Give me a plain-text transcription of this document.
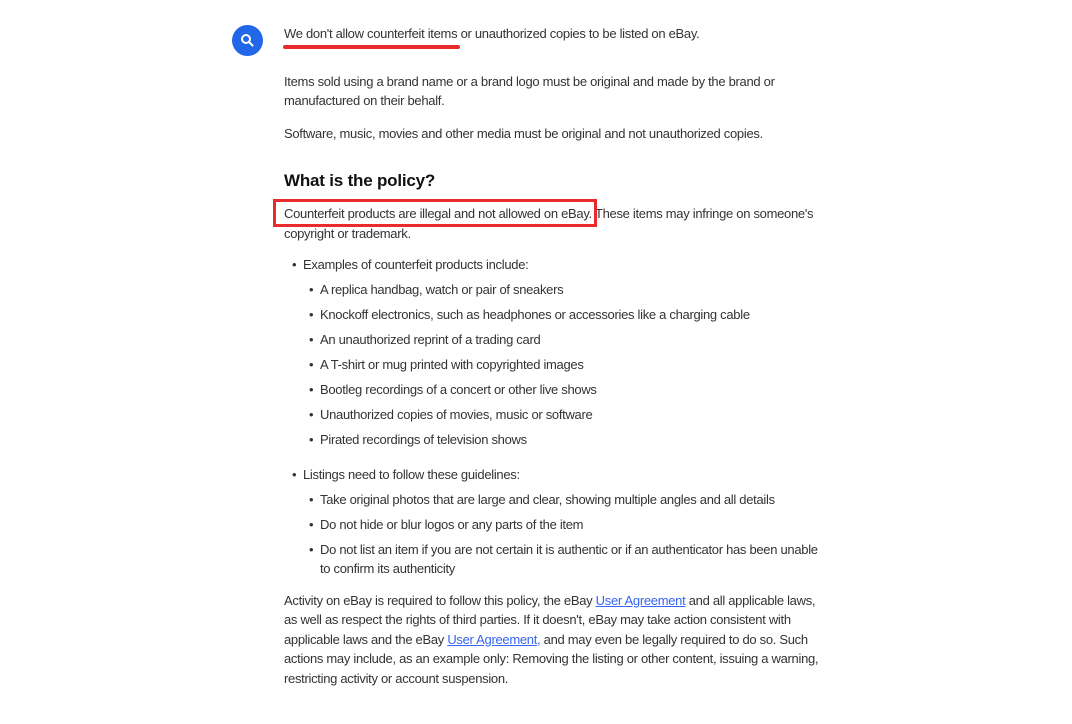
We don't allow counterfeit items or unauthorized copies to be listed on eBay.

Items sold using a brand name or a brand logo must be original and made by the brand or
manufactured on their behalf.

Software, music, movies and other media must be original and not unauthorized copies.

What is the policy?

Counterfeit products are illegal and not allowed on eBay. These items may infringe on someone's
copyright or trademark.

• Examples of counterfeit products include:
• A replica handbag, watch or pair of sneakers
• Knockoff electronics, such as headphones or accessories like a charging cable
• An unauthorized reprint of a trading card
• A T-shirt or mug printed with copyrighted images
• Bootleg recordings of a concert or other live shows
• Unauthorized copies of movies, music or software
• Pirated recordings of television shows
• Listings need to follow these guidelines:
• Take original photos that are large and clear, showing multiple angles and all details
• Do not hide or blur logos or any parts of the item
• Do not list an item if you are not certain it is authentic or if an authenticator has been unable to confirm its authenticity

Activity on eBay is required to follow this policy, the eBay User Agreement and all applicable laws, as well as respect the rights of third parties. If it doesn't, eBay may take action consistent with applicable laws and the eBay User Agreement, and may even be legally required to do so. Such actions may include, as an example only: Removing the listing or other content, issuing a warning, restricting activity or account suspension.
